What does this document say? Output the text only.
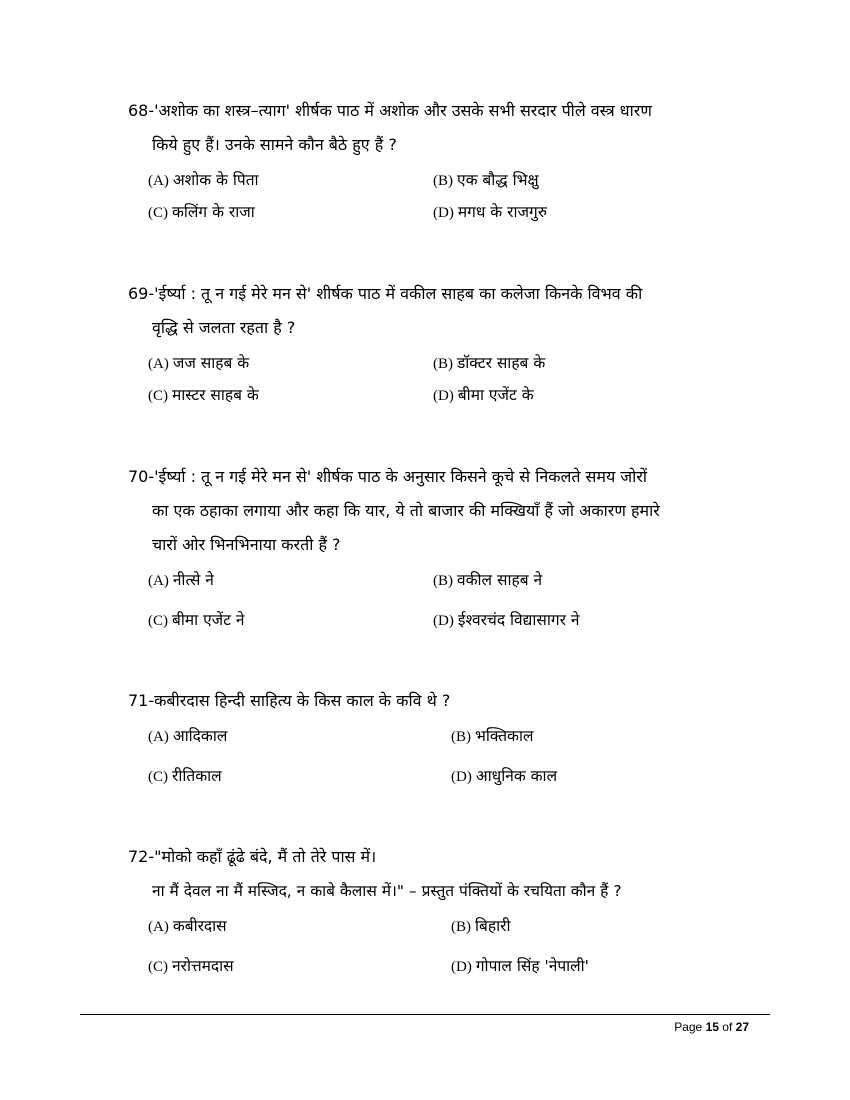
68-'अशोक का शस्त्र–त्याग' शीर्षक पाठ में अशोक और उसके सभी सरदार पीले वस्त्र धारण
किये हुए हैं। उनके सामने कौन बैठे हुए हैं ?
(A) अशोक के पिता	(B) एक बौद्ध भिक्षु
(C) कलिंग के राजा	(D) मगध के राजगुरु
69-'ईर्ष्या : तू न गई मेरे मन से' शीर्षक पाठ में वकील साहब का कलेजा किनके विभव की
वृद्धि से जलता रहता है ?
(A) जज साहब के	(B) डॉक्टर साहब के
(C) मास्टर साहब के	(D) बीमा एजेंट के
70-'ईर्ष्या : तू न गई मेरे मन से' शीर्षक पाठ के अनुसार किसने कूचे से निकलते समय जोरों
का एक ठहाका लगाया और कहा कि यार, ये तो बाजार की मक्खियाँ हैं जो अकारण हमारे
चारों ओर भिनभिनाया करती हैं ?
(A) नीत्से ने	(B) वकील साहब ने
(C) बीमा एजेंट ने	(D) ईश्वरचंद विद्यासागर ने
71-कबीरदास हिन्दी साहित्य के किस काल के कवि थे ?
(A) आदिकाल	(B) भक्तिकाल
(C) रीतिकाल	(D) आधुनिक काल
72-"मोको कहाँ ढूंढे बंदे, मैं तो तेरे पास में।
ना मैं देवल ना मैं मस्जिद, न काबे कैलास में।" – प्रस्तुत पंक्तियों के रचयिता कौन हैं ?
(A) कबीरदास	(B) बिहारी
(C) नरोत्तमदास	(D) गोपाल सिंह 'नेपाली'
Page 15 of 27
